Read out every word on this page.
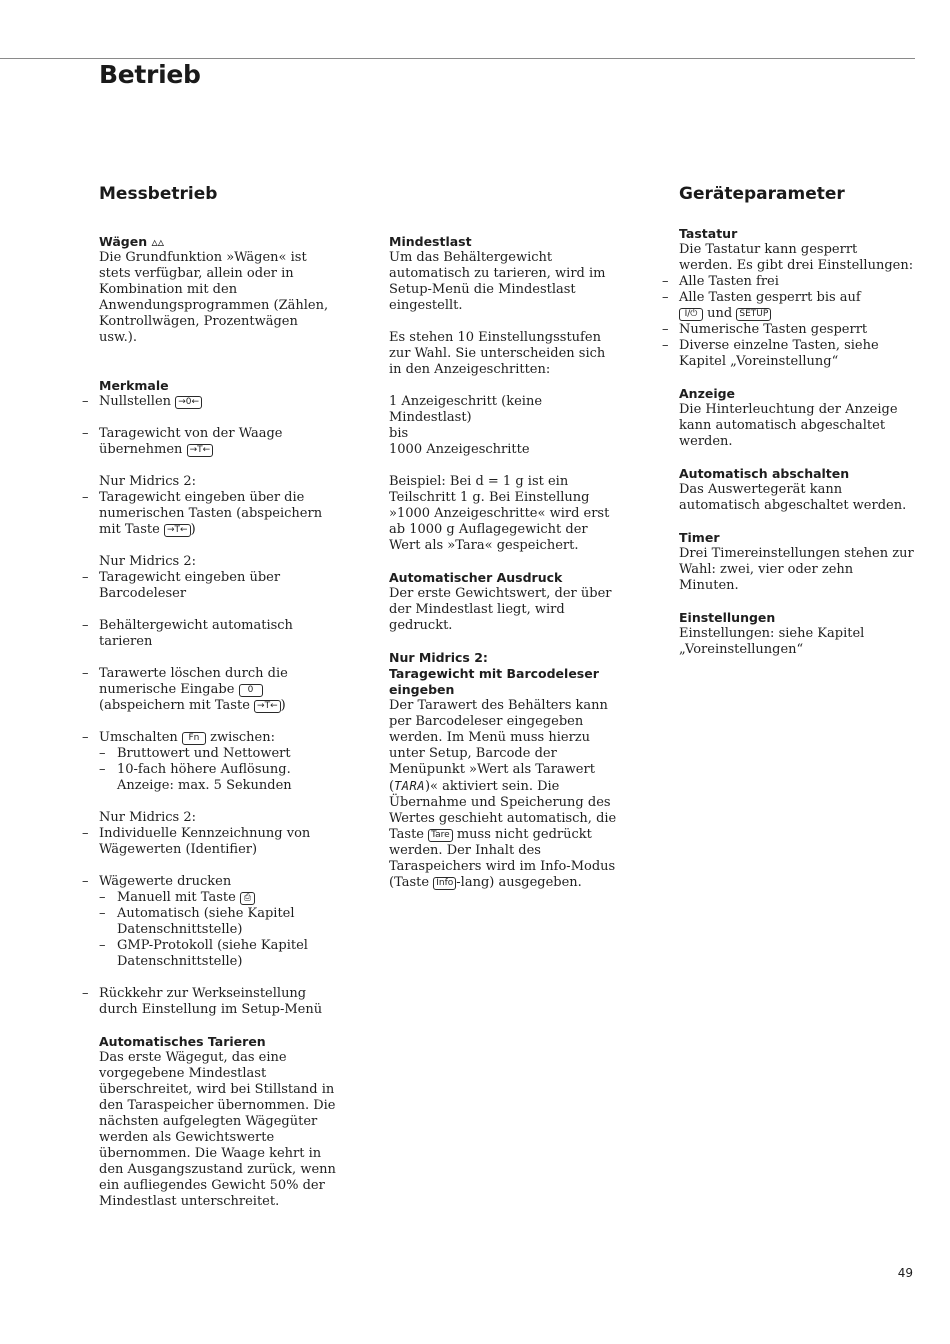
Betrieb
Messbetrieb	Geräteparameter

Wägen ▵▵

Die Grundfunktion »Wägen« ist stets verfügbar, allein oder in Kombination mit den Anwendungsprogrammen (Zählen, Kontrollwägen, Prozentwägen usw.).

Merkmale

– Nullstellen →0←

– Taragewicht von der Waage übernehmen →T←

Nur Midrics 2:

– Taragewicht eingeben über die numerischen Tasten (abspeichern mit Taste →T← )

Nur Midrics 2:

– Taragewicht eingeben über Barcodeleser

– Behältergewicht automatisch tarieren

– Tarawerte löschen durch die numerische Eingabe 0 (abspeichern mit Taste →T← )

– Umschalten Fn zwischen:

– Bruttowert und Nettowert

– 10-fach höhere Auflösung. Anzeige: max. 5 Sekunden

Nur Midrics 2:

– Individuelle Kennzeichnung von Wägewerten (Identifier)

– Wägewerte drucken

– Manuell mit Taste ⎙

– Automatisch (siehe Kapitel Datenschnittstelle)

– GMP-Protokoll (siehe Kapitel Datenschnittstelle)

– Rückkehr zur Werkseinstellung durch Einstellung im Setup-Menü

Automatisches Tarieren

Das erste Wägegut, das eine vorgegebene Mindestlast überschreitet, wird bei Stillstand in den Taraspeicher übernommen. Die nächsten aufgelegten Wägegüter werden als Gewichtswerte übernommen. Die Waage kehrt in den Ausgangszustand zurück, wenn ein aufliegendes Gewicht 50% der Mindestlast unterschreitet.

Mindestlast

Um das Behältergewicht automatisch zu tarieren, wird im Setup-Menü die Mindestlast eingestellt.

Es stehen 10 Einstellungsstufen zur Wahl. Sie unterscheiden sich in den Anzeigeschritten:

1 Anzeigeschritt (keine Mindestlast)

bis

1000 Anzeigeschritte

Beispiel: Bei d = 1 g ist ein Teilschritt 1 g. Bei Einstellung »1000 Anzeigeschritte« wird erst ab 1000 g Auflagegewicht der Wert als »Tara« gespeichert.

Automatischer Ausdruck

Der erste Gewichtswert, der über der Mindestlast liegt, wird gedruckt.

Nur Midrics 2:

Taragewicht mit Barcodeleser eingeben

Der Tarawert des Behälters kann per Barcodeleser eingegeben werden. Im Menü muss hierzu unter Setup, Barcode der Menüpunkt »Wert als Tarawert (TARA)« aktiviert sein. Die Übernahme und Speicherung des Wertes geschieht automatisch, die Taste Tare muss nicht gedrückt werden. Der Inhalt des Taraspeichers wird im Info-Modus (Taste Info -lang) ausgegeben.

Tastatur

Die Tastatur kann gesperrt werden. Es gibt drei Einstellungen:

– Alle Tasten frei

– Alle Tasten gesperrt bis auf
I/⏻ und SETUP

– Numerische Tasten gesperrt

– Diverse einzelne Tasten, siehe Kapitel „Voreinstellung“

Anzeige

Die Hinterleuchtung der Anzeige kann automatisch abgeschaltet werden.

Automatisch abschalten

Das Auswertegerät kann automatisch abgeschaltet werden.

Timer

Drei Timereinstellungen stehen zur Wahl: zwei, vier oder zehn Minuten.

Einstellungen

Einstellungen: siehe Kapitel „Voreinstellungen“

49
